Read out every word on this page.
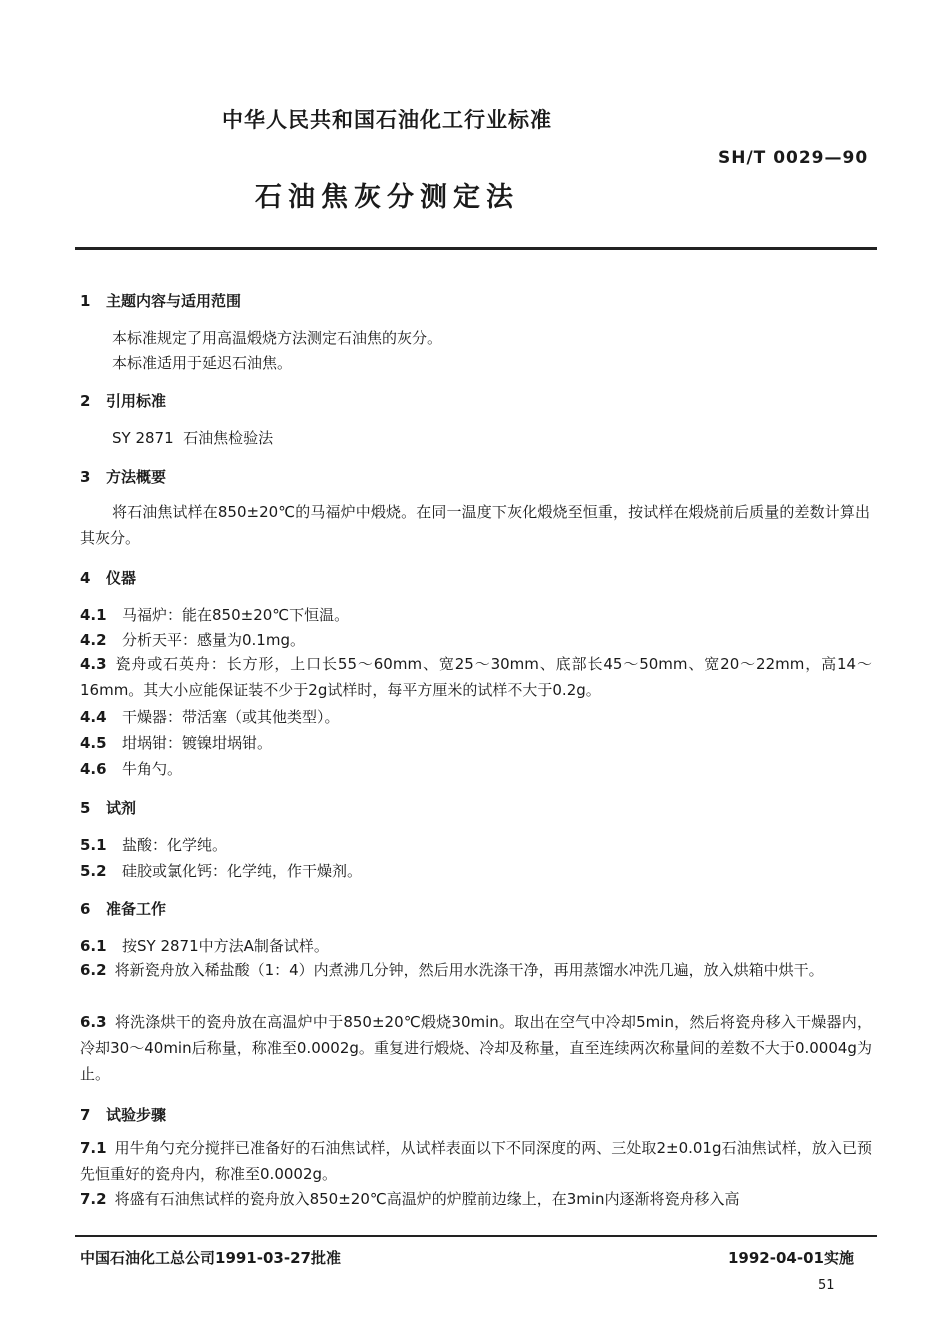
中华人民共和国石油化工行业标准
SH/T 0029—90
石油焦灰分测定法
1 主题内容与适用范围
本标准规定了用高温煅烧方法测定石油焦的灰分。
本标准适用于延迟石油焦。
2 引用标准
SY 2871  石油焦检验法
3 方法概要
将石油焦试样在850±20℃的马福炉中煅烧。在同一温度下灰化煅烧至恒重，按试样在煅烧前后质量的差数计算出其灰分。
4 仪器
4.1 马福炉：能在850±20℃下恒温。
4.2 分析天平：感量为0.1mg。
4.3 瓷舟或石英舟：长方形，上口长55～60mm、宽25～30mm、底部长45～50mm、宽20～22mm，高14～16mm。其大小应能保证装不少于2g试样时，每平方厘米的试样不大于0.2g。
4.4 干燥器：带活塞（或其他类型）。
4.5 坩埚钳：镀镍坩埚钳。
4.6 牛角勺。
5 试剂
5.1 盐酸：化学纯。
5.2 硅胶或氯化钙：化学纯，作干燥剂。
6 准备工作
6.1 按SY 2871中方法A制备试样。
6.2 将新瓷舟放入稀盐酸（1：4）内煮沸几分钟，然后用水洗涤干净，再用蒸馏水冲洗几遍，放入烘箱中烘干。
6.3 将洗涤烘干的瓷舟放在高温炉中于850±20℃煅烧30min。取出在空气中冷却5min，然后将瓷舟移入干燥器内，冷却30～40min后称量，称准至0.0002g。重复进行煅烧、冷却及称量，直至连续两次称量间的差数不大于0.0004g为止。
7 试验步骤
7.1 用牛角勺充分搅拌已准备好的石油焦试样，从试样表面以下不同深度的两、三处取2±0.01g石油焦试样，放入已预先恒重好的瓷舟内，称准至0.0002g。
7.2 将盛有石油焦试样的瓷舟放入850±20℃高温炉的炉膛前边缘上，在3min内逐渐将瓷舟移入高
中国石油化工总公司1991-03-27批准	1992-04-01实施
51
